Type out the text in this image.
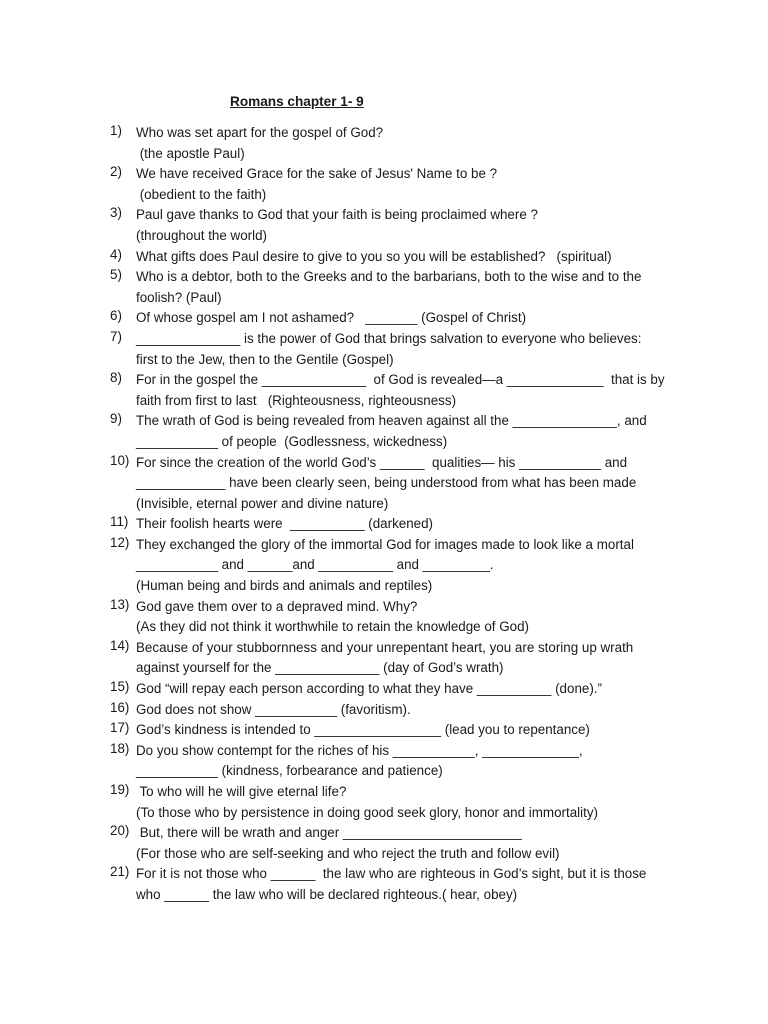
Romans chapter 1- 9
1)	Who was set apart for the gospel of God?
(the apostle Paul)
2)	We have received Grace for the sake of Jesus' Name to be ?
(obedient to the faith)
3)	Paul gave thanks to God that your faith is being proclaimed where ?
(throughout the world)
4)	What gifts does Paul desire to give to you so you will be established?   (spiritual)
5)	Who is a debtor, both to the Greeks and to the barbarians, both to the wise and to the
foolish? (Paul)
6)	Of whose gospel am I not ashamed?   _______ (Gospel of Christ)
7)	______________ is the power of God that brings salvation to everyone who believes:
first to the Jew, then to the Gentile (Gospel)
8)	For in the gospel the ______________  of God is revealed—a _____________  that is by
faith from first to last   (Righteousness, righteousness)
9)	The wrath of God is being revealed from heaven against all the ______________, and
___________ of people  (Godlessness, wickedness)
10) For since the creation of the world God’s ______  qualities— his ___________ and
____________ have been clearly seen, being understood from what has been made
(Invisible, eternal power and divine nature)
11) Their foolish hearts were  __________ (darkened)
12) They exchanged the glory of the immortal God for images made to look like a mortal
___________ and ______and __________ and _________.
(Human being and birds and animals and reptiles)
13) God gave them over to a depraved mind. Why?
(As they did not think it worthwhile to retain the knowledge of God)
14) Because of your stubbornness and your unrepentant heart, you are storing up wrath
against yourself for the ______________ (day of God’s wrath)
15) God “will repay each person according to what they have __________ (done).”
16) God does not show ___________ (favoritism).
17) God’s kindness is intended to _________________ (lead you to repentance)
18) Do you show contempt for the riches of his ___________, _____________,
___________ (kindness, forbearance and patience)
19) To who will he will give eternal life?
(To those who by persistence in doing good seek glory, honor and immortality)
20) But, there will be wrath and anger ________________________
(For those who are self-seeking and who reject the truth and follow evil)
21) For it is not those who ______  the law who are righteous in God’s sight, but it is those
who ______ the law who will be declared righteous.( hear, obey)
